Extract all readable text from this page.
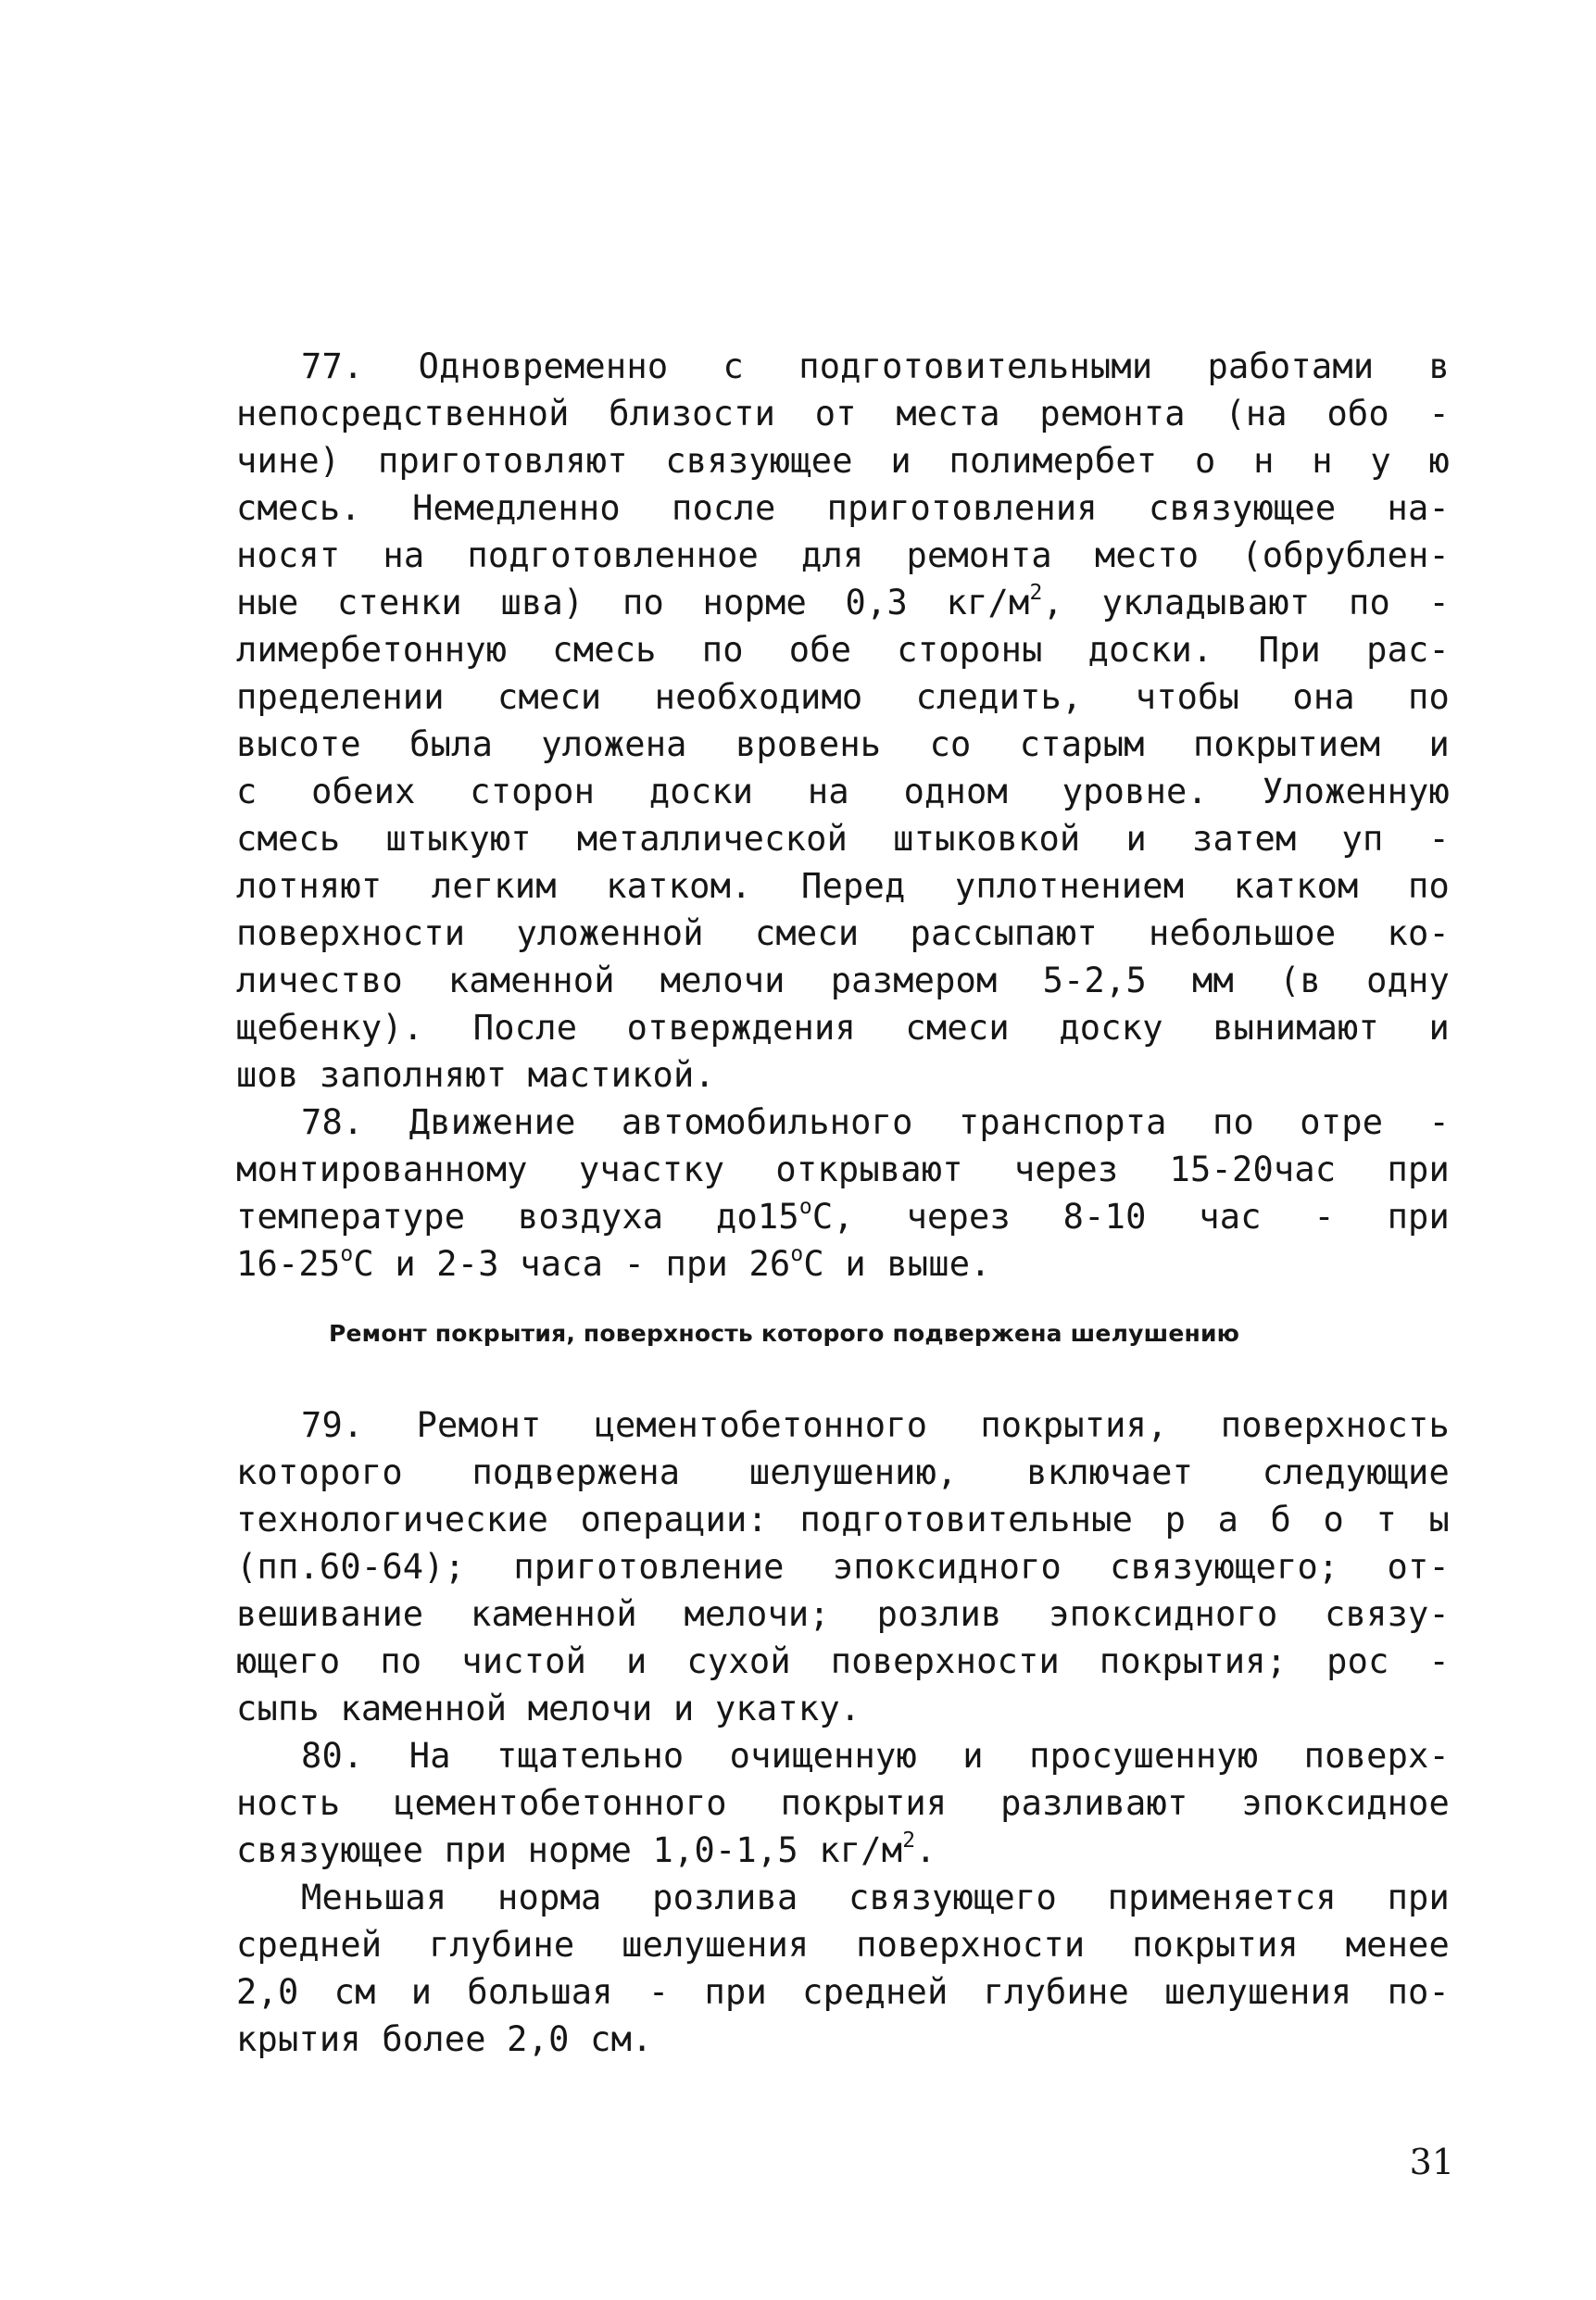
77. Одновременно с подготовительными работами в
непосредственной близости от места ремонта (на обо -
чине) приготовляют связующее и полимербет о н н у ю
смесь. Немедленно после приготовления связующее на-
носят на подготовленное для ремонта место (обрублен-
ные стенки шва) по норме 0,3 $кг/м^2$, укладывают по -
лимербетонную смесь по обе стороны доски. При рас-
пределении смеси необходимо следить, чтобы она по
высоте была уложена вровень со старым покрытием и
с обеих сторон доски на одном уровне. Уложенную
смесь штыкуют металлической штыковкой и затем уп -
лотняют легким катком. Перед уплотнением катком по
поверхности уложенной смеси рассыпают небольшое ко-
личество каменной мелочи размером 5-2,5 мм (в одну
щебенку). После отверждения смеси доску вынимают и
шов заполняют мастикой.
78. Движение автомобильного транспорта по отре -
монтированному участку открывают через 15-20час при
температуре воздуха $до15^оС$, через 8-10 час - при
$16-25^оС$ и 2-3 часа - при $26^оС$ и выше.
Ремонт покрытия, поверхность которого подвержена шелушению
79. Ремонт цементобетонного покрытия, поверхность
которого подвержена шелушению, включает следующие
технологические операции: подготовительные р а б о т ы
(пп.60-64); приготовление эпоксидного связующего; от-
вешивание каменной мелочи; розлив эпоксидного связу-
ющего по чистой и сухой поверхности покрытия; рос -
сыпь каменной мелочи и укатку.
80. На тщательно очищенную и просушенную поверх-
ность цементобетонного покрытия разливают эпоксидное
связующее при норме 1,0-1,5 $кг/м^2$.
Меньшая норма розлива связующего применяется при
средней глубине шелушения поверхности покрытия менее
2,0 см и большая - при средней глубине шелушения по-
крытия более 2,0 см.
31
